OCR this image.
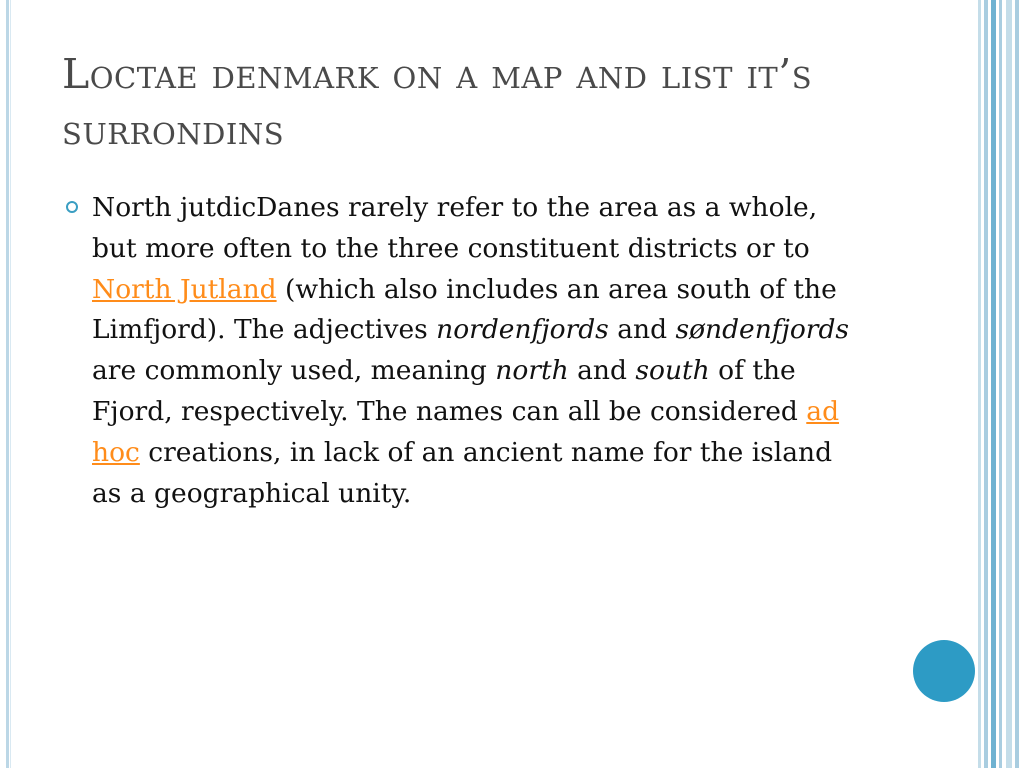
Loctae denmark on a map and list it’s surrondins
North jutdicDanes rarely refer to the area as a whole, but more often to the three constituent districts or to North Jutland (which also includes an area south of the Limfjord). The adjectives nordenfjords and søndenfjords are commonly used, meaning north and south of the Fjord, respectively. The names can all be considered ad hoc creations, in lack of an ancient name for the island as a geographical unity.
